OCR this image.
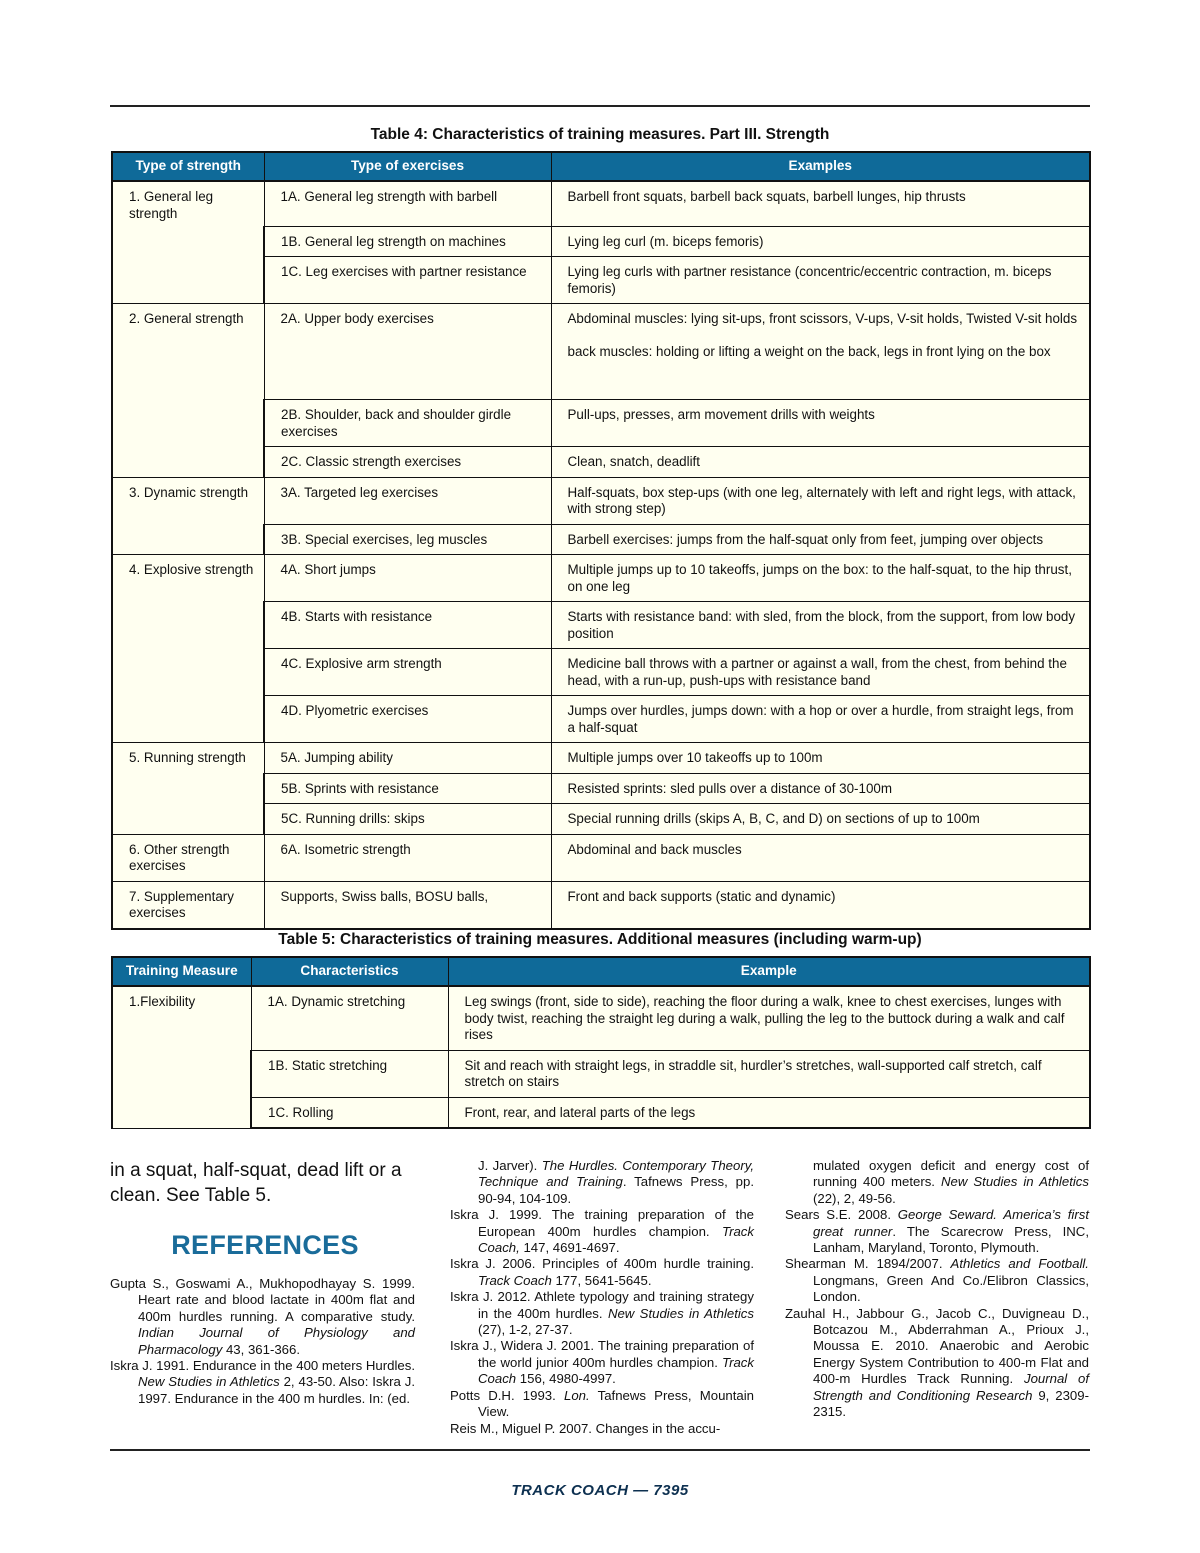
Table 4: Characteristics of training measures. Part III. Strength
Type of strength	Type of exercises	Examples
1. General leg strength	1A. General leg strength with barbell	Barbell front squats, barbell back squats, barbell lunges, hip thrusts
	1B. General leg strength on machines	Lying leg curl (m. biceps femoris)
	1C. Leg exercises with partner resistance	Lying leg curls with partner resistance (concentric/eccentric contraction, m. biceps femoris)
2. General strength	2A. Upper body exercises	Abdominal muscles: lying sit-ups, front scissors, V-ups, V-sit holds, Twisted V-sit holds
back muscles: holding or lifting a weight on the back, legs in front lying on the box

	2B. Shoulder, back and shoulder girdle exercises	Pull-ups, presses, arm movement drills with weights
	2C. Classic strength exercises	Clean, snatch, deadlift
3. Dynamic strength	3A. Targeted leg exercises	Half-squats, box step-ups (with one leg, alternately with left and right legs, with attack, with strong step)
	3B. Special exercises, leg muscles	Barbell exercises: jumps from the half-squat only from feet, jumping over objects
4. Explosive strength	4A. Short jumps	Multiple jumps up to 10 takeoffs, jumps on the box: to the half-squat, to the hip thrust, on one leg
	4B. Starts with resistance	Starts with resistance band: with sled, from the block, from the support, from low body position
	4C. Explosive arm strength	Medicine ball throws with a partner or against a wall, from the chest, from behind the head, with a run-up, push-ups with resistance band
	4D. Plyometric exercises	Jumps over hurdles, jumps down: with a hop or over a hurdle, from straight legs, from a half-squat
5. Running strength	5A. Jumping ability	Multiple jumps over 10 takeoffs up to 100m
	5B. Sprints with resistance	Resisted sprints: sled pulls over a distance of 30-100m
	5C. Running drills: skips	Special running drills (skips A, B, C, and D) on sections of up to 100m
6. Other strength exercises	6A. Isometric strength	Abdominal and back muscles
7. Supplementary exercises	Supports, Swiss balls, BOSU balls,	Front and back supports (static and dynamic)
Table 5: Characteristics of training measures. Additional measures (including warm-up)
Training Measure	Characteristics	Example
1.Flexibility	1A. Dynamic stretching	Leg swings (front, side to side), reaching the floor during a walk, knee to chest exercises, lunges with body twist, reaching the straight leg during a walk, pulling the leg to the buttock during a walk and calf rises
	1B. Static stretching	Sit and reach with straight legs, in straddle sit, hurdler’s stretches, wall-supported calf stretch, calf stretch on stairs
	1C. Rolling	Front, rear, and lateral parts of the legs
in a squat, half-squat, dead lift or a clean. See Table 5.
REFERENCES

Gupta S., Goswami A., Mukhopodhayay S. 1999. Heart rate and blood lactate in 400m flat and 400m hurdles running. A comparative study. Indian Journal of Physiology and Pharmacology 43, 361-366.

Iskra J. 1991. Endurance in the 400 meters Hurdles. New Studies in Athletics 2, 43-50. Also: Iskra J. 1997. Endurance in the 400 m hurdles. In: (ed.

J. Jarver). The Hurdles. Contemporary Theory, Technique and Training. Tafnews Press, pp. 90-94, 104-109.

Iskra J. 1999. The training preparation of the European 400m hurdles champion. Track Coach, 147, 4691-4697.

Iskra J. 2006. Principles of 400m hurdle training. Track Coach 177, 5641-5645.

Iskra J. 2012. Athlete typology and training strategy in the 400m hurdles. New Studies in Athletics (27), 1-2, 27-37.

Iskra J., Widera J. 2001. The training preparation of the world junior 400m hurdles champion. Track Coach 156, 4980-4997.

Potts D.H. 1993. Lon. Tafnews Press, Mountain View.

Reis M., Miguel P. 2007. Changes in the accu-

mulated oxygen deficit and energy cost of running 400 meters. New Studies in Athletics (22), 2, 49-56.

Sears S.E. 2008. George Seward. America’s first great runner. The Scarecrow Press, INC, Lanham, Maryland, Toronto, Plymouth.

Shearman M. 1894/2007. Athletics and Football. Longmans, Green And Co./Elibron Classics, London.

Zauhal H., Jabbour G., Jacob C., Duvigneau D., Botcazou M., Abderrahman A., Prioux J., Moussa E. 2010. Anaerobic and Aerobic Energy System Contribution to 400-m Flat and 400-m Hurdles Track Running. Journal of Strength and Conditioning Research 9, 2309-2315.

TRACK COACH — 7395
